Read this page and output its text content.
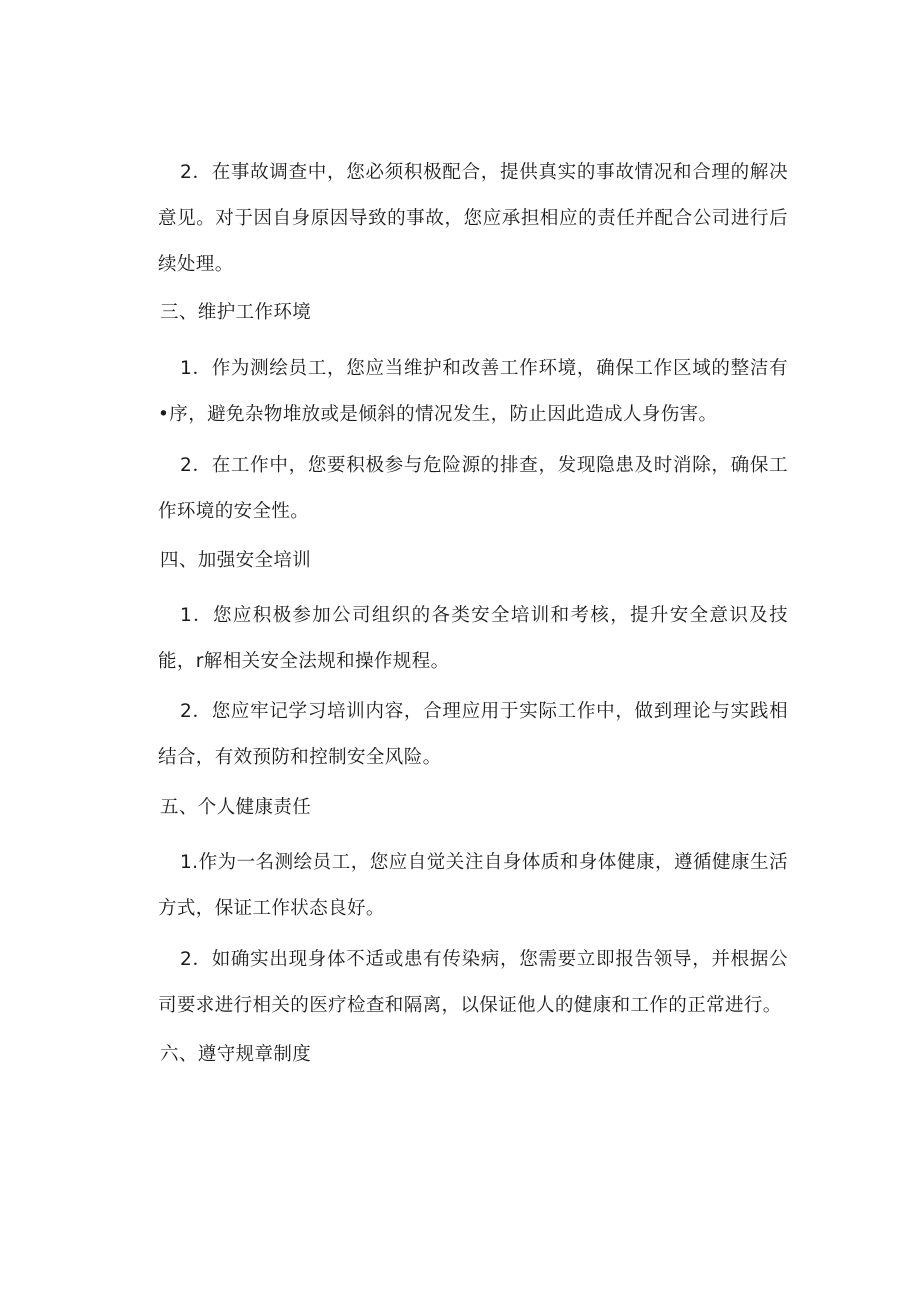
2．在事故调查中，您必须积极配合，提供真实的事故情况和合理的解决意见。对于因自身原因导致的事故，您应承担相应的责任并配合公司进行后续处理。

三、维护工作环境

1．作为测绘员工，您应当维护和改善工作环境，确保工作区域的整洁有•序，避免杂物堆放或是倾斜的情况发生，防止因此造成人身伤害。

2．在工作中，您要积极参与危险源的排查，发现隐患及时消除，确保工作环境的安全性。

四、加强安全培训

1．您应积极参加公司组织的各类安全培训和考核，提升安全意识及技能，r解相关安全法规和操作规程。

2．您应牢记学习培训内容，合理应用于实际工作中，做到理论与实践相结合，有效预防和控制安全风险。

五、个人健康责任

1.作为一名测绘员工，您应自觉关注自身体质和身体健康，遵循健康生活方式，保证工作状态良好。

2．如确实出现身体不适或患有传染病，您需要立即报告领导，并根据公司要求进行相关的医疗检查和隔离，以保证他人的健康和工作的正常进行。

六、遵守规章制度
